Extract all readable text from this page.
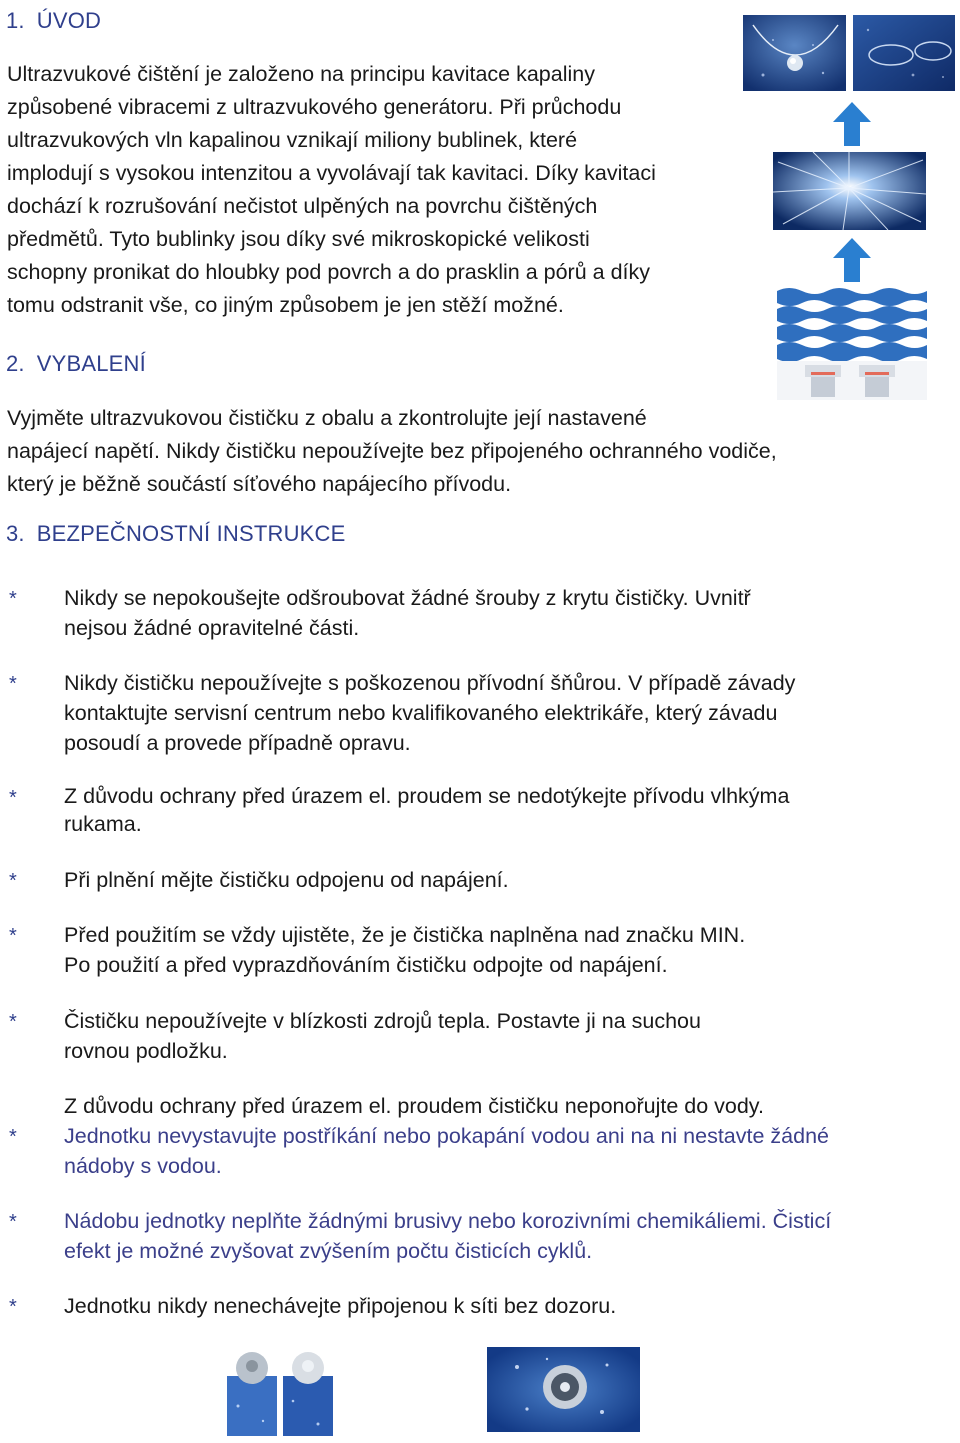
1. ÚVOD
Ultrazvukové čištění je založeno na principu kavitace kapaliny
způsobené vibracemi z ultrazvukového generátoru. Při průchodu
ultrazvukových vln kapalinou vznikají miliony bublinek, které
implodují s vysokou intenzitou a vyvolávají tak kavitaci. Díky kavitaci
dochází k rozrušování nečistot ulpěných na povrchu čištěných
předmětů. Tyto bublinky jsou díky své mikroskopické velikosti
schopny pronikat do hloubky pod povrch a do prasklin a pórů a díky
tomu odstranit vše, co jiným způsobem je jen stěží možné.
2. VYBALENÍ
Vyjměte ultrazvukovou čističku z obalu a zkontrolujte její nastavené
napájecí napětí. Nikdy čističku nepoužívejte bez připojeného ochranného vodiče,
který je běžně součástí síťového napájecího přívodu.
3. BEZPEČNOSTNÍ INSTRUKCE
* Nikdy se nepokoušejte odšroubovat žádné šrouby z krytu čističky. Uvnitř
nejsou žádné opravitelné části.
* Nikdy čističku nepoužívejte s poškozenou přívodní šňůrou. V případě závady
kontaktujte servisní centrum nebo kvalifikovaného elektrikáře, který závadu
posoudí a provede případně opravu.
* Z důvodu ochrany před úrazem el. proudem se nedotýkejte přívodu vlhkýma
rukama.
* Při plnění mějte čističku odpojenu od napájení.
* Před použitím se vždy ujistěte, že je čistička naplněna nad značku MIN.
Po použití a před vyprazdňováním čističku odpojte od napájení.
* Čističku nepoužívejte v blízkosti zdrojů tepla. Postavte ji na suchou
rovnou podložku.
Z důvodu ochrany před úrazem el. proudem čističku neponořujte do vody.
* Jednotku nevystavujte postříkání nebo pokapání vodou ani na ni nestavte žádné
nádoby s vodou.
* Nádobu jednotky neplňte žádnými brusivy nebo korozivními chemikáliemi. Čisticí
efekt je možné zvyšovat zvýšením počtu čisticích cyklů.
* Jednotku nikdy nenechávejte připojenou k síti bez dozoru.
